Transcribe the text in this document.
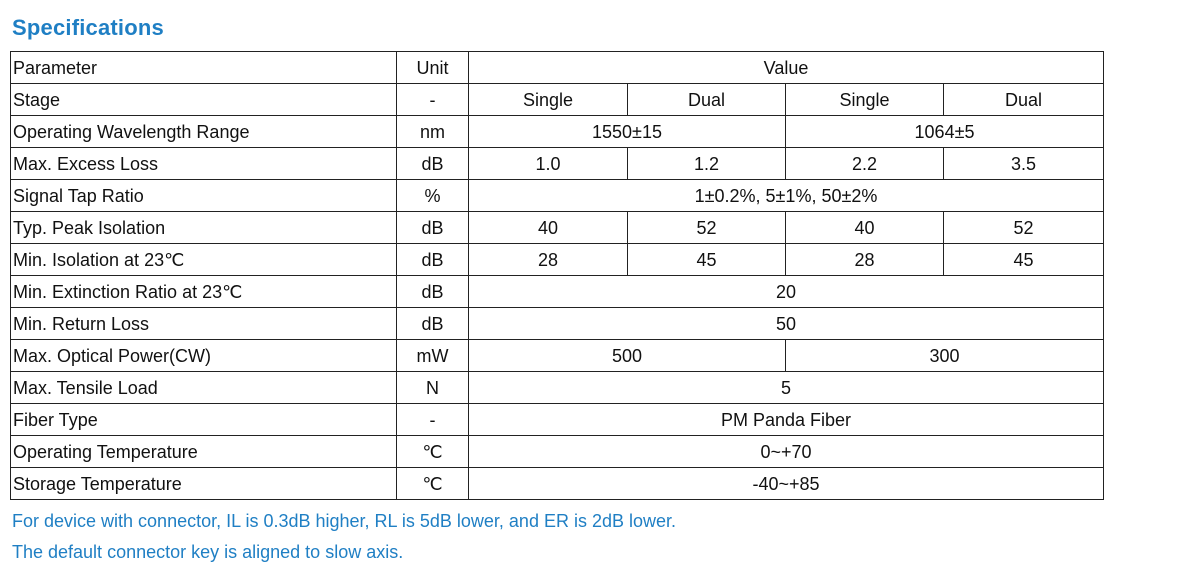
Specifications
Parameter	Unit	Value			
Stage	-	Single	Dual	Single	Dual
Operating Wavelength Range	nm	1550±15		1064±5	
Max. Excess Loss	dB	1.0	1.2	2.2	3.5
Signal Tap Ratio	%	1±0.2%, 5±1%, 50±2%			
Typ. Peak Isolation	dB	40	52	40	52
Min. Isolation at 23℃	dB	28	45	28	45
Min. Extinction Ratio at 23℃	dB	20			
Min. Return Loss	dB	50			
Max. Optical Power(CW)	mW	500		300	
Max. Tensile Load	N	5			
Fiber Type	-	PM Panda Fiber			
Operating Temperature	℃	0~+70			
Storage Temperature	℃	-40~+85			
For device with connector, IL is 0.3dB higher, RL is 5dB lower, and ER is 2dB lower.
The default connector key is aligned to slow axis.
